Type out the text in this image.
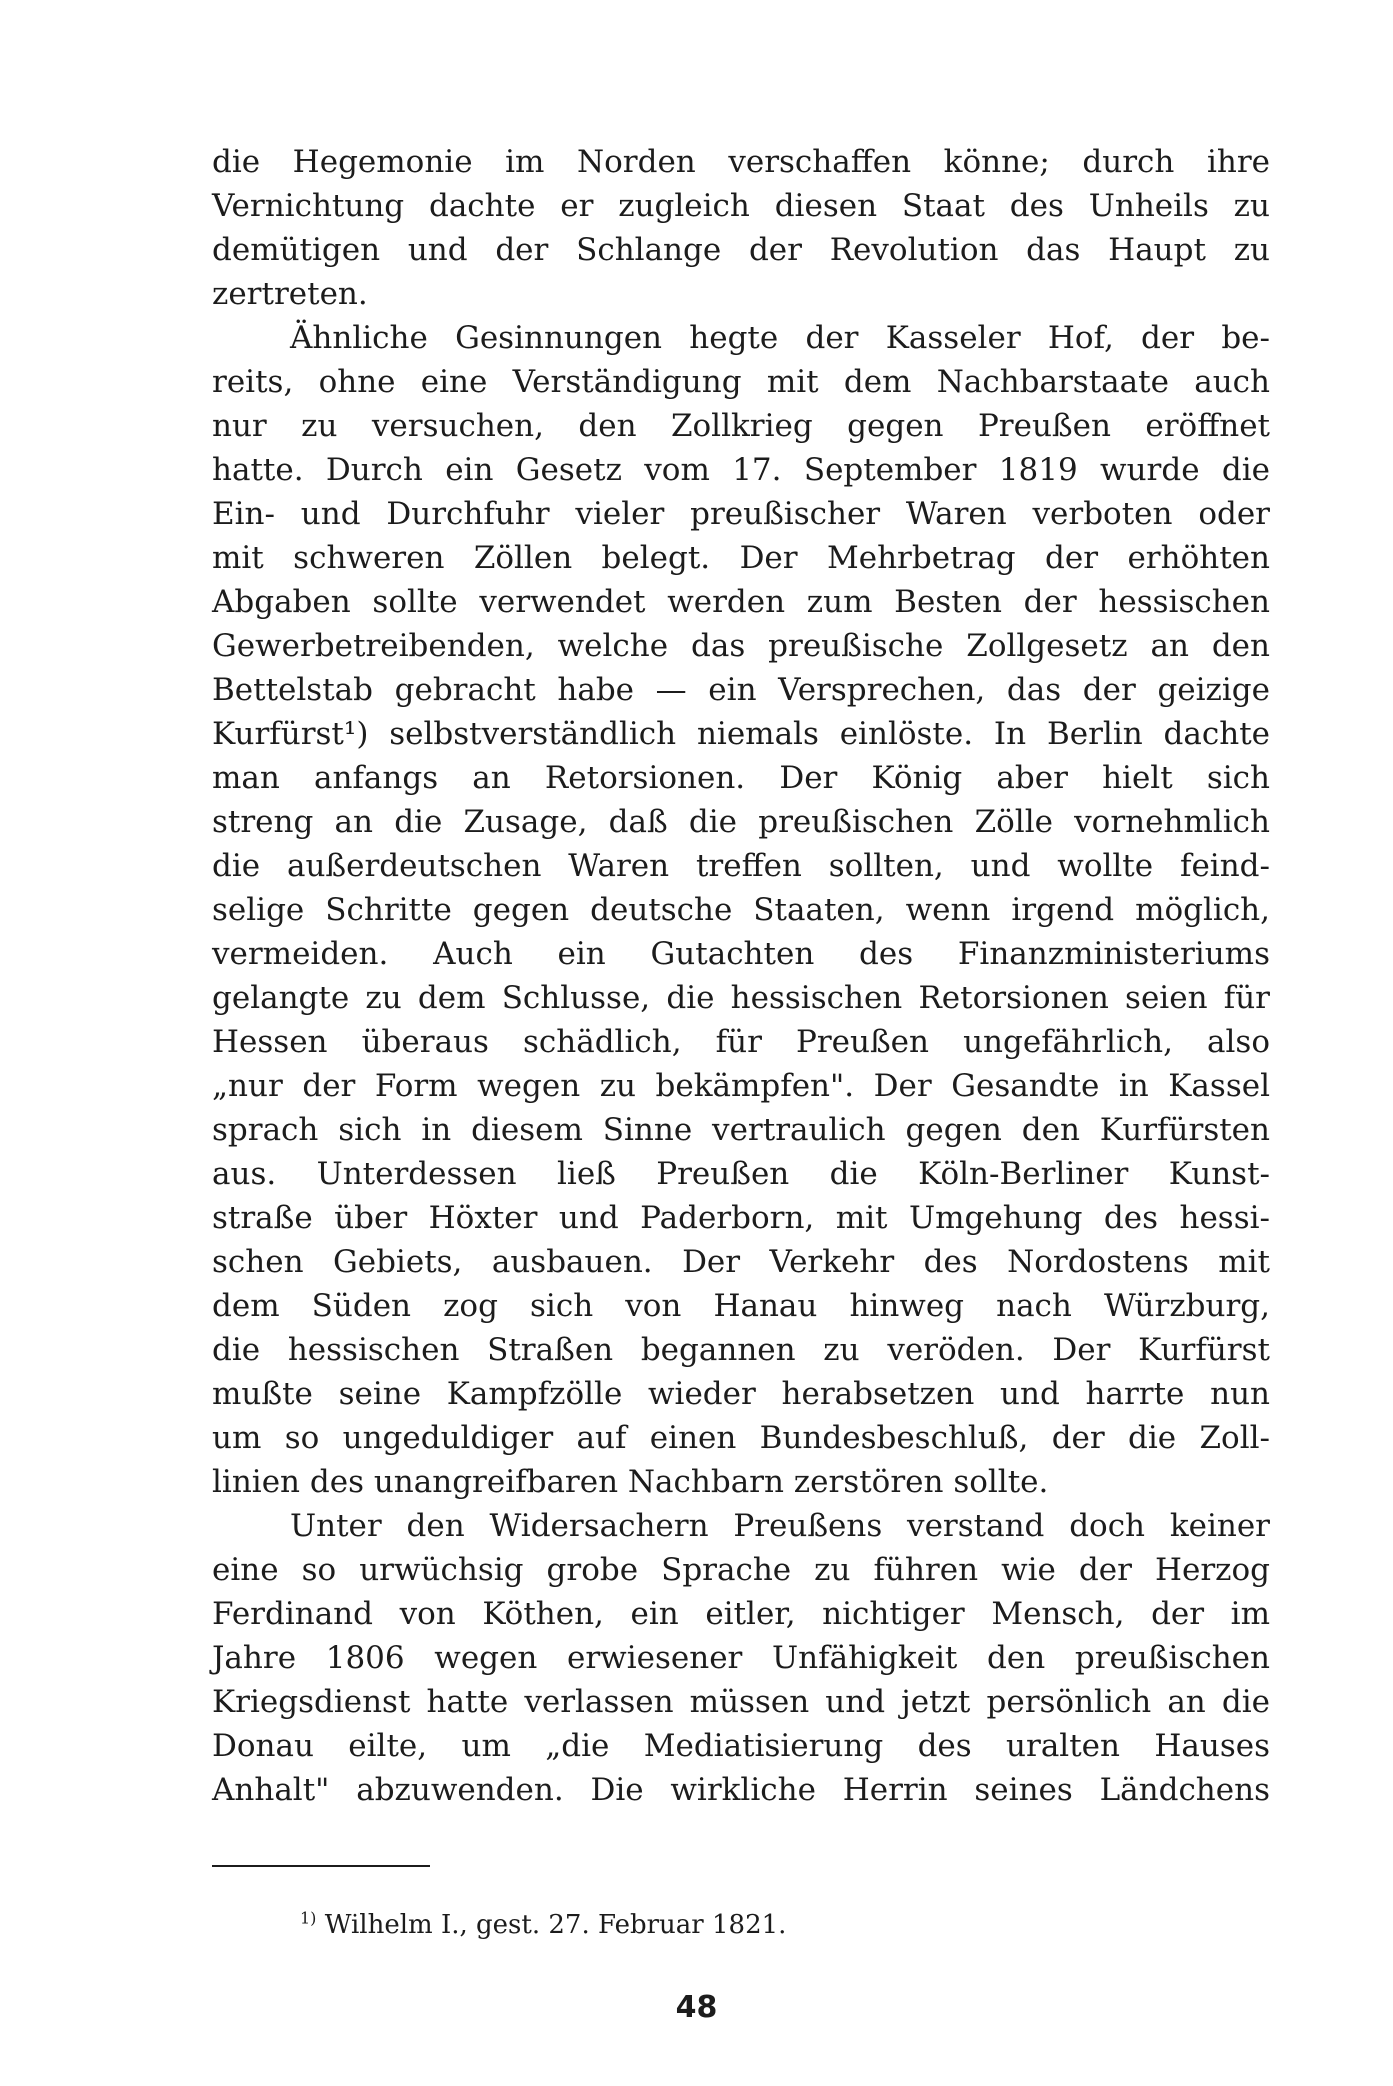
die Hegemonie im Norden verschaffen könne; durch ihre
Vernichtung dachte er zugleich diesen Staat des Unheils zu
demütigen und der Schlange der Revolution das Haupt zu
zertreten.
Ähnliche Gesinnungen hegte der Kasseler Hof, der be-
reits, ohne eine Verständigung mit dem Nachbarstaate auch
nur zu versuchen, den Zollkrieg gegen Preußen eröffnet
hatte. Durch ein Gesetz vom 17. September 1819 wurde die
Ein- und Durchfuhr vieler preußischer Waren verboten oder
mit schweren Zöllen belegt. Der Mehrbetrag der erhöhten
Abgaben sollte verwendet werden zum Besten der hessischen
Gewerbetreibenden, welche das preußische Zollgesetz an den
Bettelstab gebracht habe — ein Versprechen, das der geizige
Kurfürst¹) selbstverständlich niemals einlöste. In Berlin dachte
man anfangs an Retorsionen. Der König aber hielt sich
streng an die Zusage, daß die preußischen Zölle vornehmlich
die außerdeutschen Waren treffen sollten, und wollte feind-
selige Schritte gegen deutsche Staaten, wenn irgend möglich,
vermeiden. Auch ein Gutachten des Finanzministeriums
gelangte zu dem Schlusse, die hessischen Retorsionen seien für
Hessen überaus schädlich, für Preußen ungefährlich, also
„nur der Form wegen zu bekämpfen". Der Gesandte in Kassel
sprach sich in diesem Sinne vertraulich gegen den Kurfürsten
aus. Unterdessen ließ Preußen die Köln-Berliner Kunst-
straße über Höxter und Paderborn, mit Umgehung des hessi-
schen Gebiets, ausbauen. Der Verkehr des Nordostens mit
dem Süden zog sich von Hanau hinweg nach Würzburg,
die hessischen Straßen begannen zu veröden. Der Kurfürst
mußte seine Kampfzölle wieder herabsetzen und harrte nun
um so ungeduldiger auf einen Bundesbeschluß, der die Zoll-
linien des unangreifbaren Nachbarn zerstören sollte.
Unter den Widersachern Preußens verstand doch keiner
eine so urwüchsig grobe Sprache zu führen wie der Herzog
Ferdinand von Köthen, ein eitler, nichtiger Mensch, der im
Jahre 1806 wegen erwiesener Unfähigkeit den preußischen
Kriegsdienst hatte verlassen müssen und jetzt persönlich an die
Donau eilte, um „die Mediatisierung des uralten Hauses
Anhalt" abzuwenden. Die wirkliche Herrin seines Ländchens
$^{1)}$ Wilhelm I., gest. 27. Februar 1821.
48
